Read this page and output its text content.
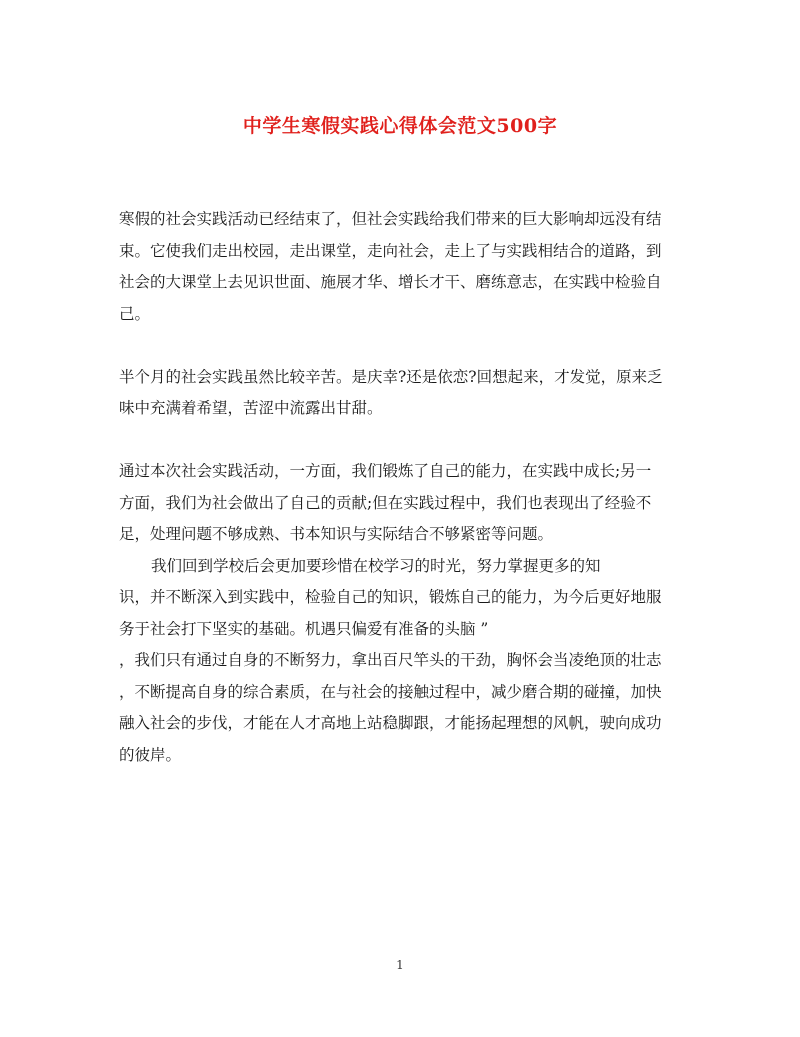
中学生寒假实践心得体会范文500字

寒假的社会实践活动已经结束了，但社会实践给我们带来的巨大影响却远没有结
束。它使我们走出校园，走出课堂，走向社会，走上了与实践相结合的道路，到
社会的大课堂上去见识世面、施展才华、增长才干、磨练意志，在实践中检验自
己。

半个月的社会实践虽然比较辛苦。是庆幸?还是依恋?回想起来，才发觉，原来乏
味中充满着希望，苦涩中流露出甘甜。

通过本次社会实践活动，一方面，我们锻炼了自己的能力，在实践中成长;另一
方面，我们为社会做出了自己的贡献;但在实践过程中，我们也表现出了经验不
足，处理问题不够成熟、书本知识与实际结合不够紧密等问题。

我们回到学校后会更加要珍惜在校学习的时光，努力掌握更多的知
识，并不断深入到实践中，检验自己的知识，锻炼自己的能力，为今后更好地服
务于社会打下坚实的基础。机遇只偏爱有准备的头脑 ”
，我们只有通过自身的不断努力，拿出百尺竿头的干劲，胸怀会当凌绝顶的壮志
，不断提高自身的综合素质，在与社会的接触过程中，减少磨合期的碰撞，加快
融入社会的步伐，才能在人才高地上站稳脚跟，才能扬起理想的风帆，驶向成功
的彼岸。

1
